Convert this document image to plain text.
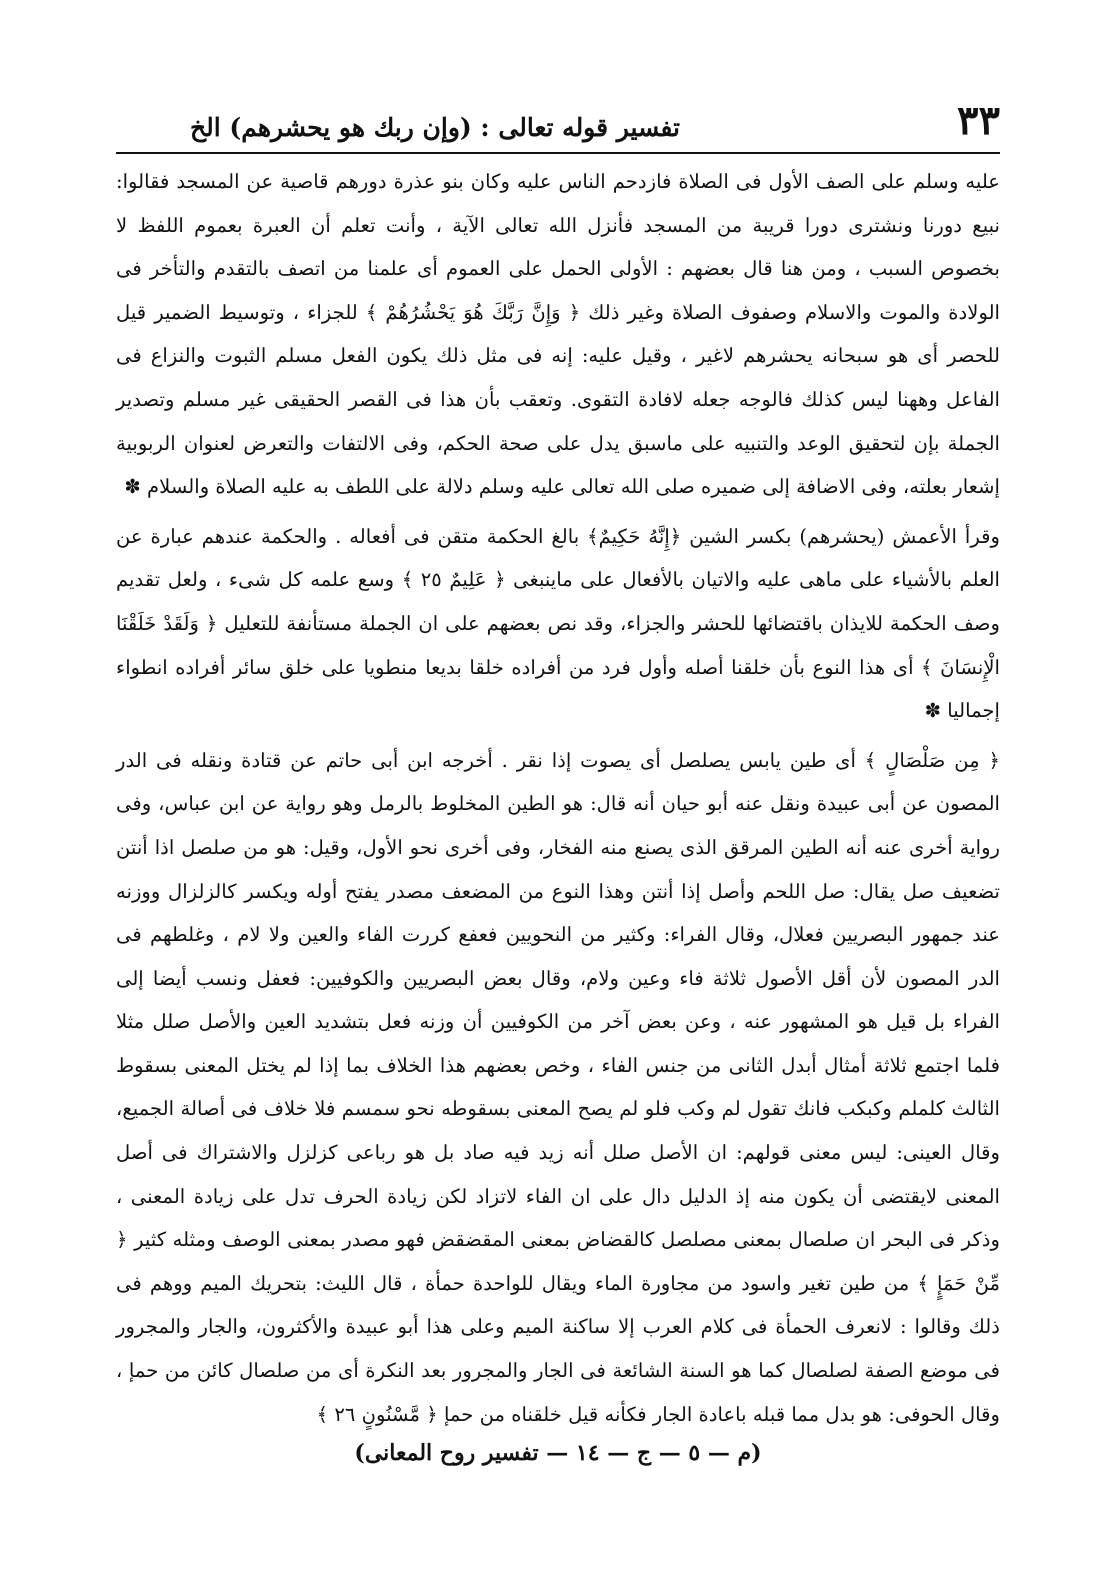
٣٣
تفسير قوله تعالى : (وإن ربك هو يحشرهم) الخ

عليه وسلم على الصف الأول فى الصلاة فازدحم الناس عليه وكان بنو عذرة دورهم قاصية عن المسجد فقالوا: نبيع دورنا ونشترى دورا قريبة من المسجد فأنزل الله تعالى الآية ، وأنت تعلم أن العبرة بعموم اللفظ لا بخصوص السبب ، ومن هنا قال بعضهم : الأولى الحمل على العموم أى علمنا من اتصف بالتقدم والتأخر فى الولادة والموت والاسلام وصفوف الصلاة وغير ذلك ﴿ وَإِنَّ رَبَّكَ هُوَ يَحْشُرُهُمْ ﴾ للجزاء ، وتوسيط الضمير قيل للحصر أى هو سبحانه يحشرهم لاغير ، وقيل عليه: إنه فى مثل ذلك يكون الفعل مسلم الثبوت والنزاع فى الفاعل وههنا ليس كذلك فالوجه جعله لافادة التقوى. وتعقب بأن هذا فى القصر الحقيقى غير مسلم وتصدير الجملة بإن لتحقيق الوعد والتنبيه على ماسبق يدل على صحة الحكم، وفى الالتفات والتعرض لعنوان الربوبية إشعار بعلته، وفى الاضافة إلى ضميره صلى الله تعالى عليه وسلم دلالة على اللطف به عليه الصلاة والسلام ✽

وقرأ الأعمش (يحشرهم) بكسر الشين ﴿إِنَّهُ حَكِيمٌ﴾ بالغ الحكمة متقن فى أفعاله . والحكمة عندهم عبارة عن العلم بالأشياء على ماهى عليه والاتيان بالأفعال على ماينبغى ﴿ عَلِيمٌ ٢٥ ﴾ وسع علمه كل شىء ، ولعل تقديم وصف الحكمة للايذان باقتضائها للحشر والجزاء، وقد نص بعضهم على ان الجملة مستأنفة للتعليل ﴿ وَلَقَدْ خَلَقْنَا الْإِنسَانَ ﴾ أى هذا النوع بأن خلقنا أصله وأول فرد من أفراده خلقا بديعا منطويا على خلق سائر أفراده انطواء إجماليا ✽

﴿ مِن صَلْصَالٍ ﴾ أى طين يابس يصلصل أى يصوت إذا نقر . أخرجه ابن أبى حاتم عن قتادة ونقله فى الدر المصون عن أبى عبيدة ونقل عنه أبو حيان أنه قال: هو الطين المخلوط بالرمل وهو رواية عن ابن عباس، وفى رواية أخرى عنه أنه الطين المرقق الذى يصنع منه الفخار، وفى أخرى نحو الأول، وقيل: هو من صلصل اذا أنتن تضعيف صل يقال: صل اللحم وأصل إذا أنتن وهذا النوع من المضعف مصدر يفتح أوله ويكسر كالزلزال ووزنه عند جمهور البصريين فعلال، وقال الفراء: وكثير من النحويين فعفع كررت الفاء والعين ولا لام ، وغلطهم فى الدر المصون لأن أقل الأصول ثلاثة فاء وعين ولام، وقال بعض البصريين والكوفيين: فعفل ونسب أيضا إلى الفراء بل قيل هو المشهور عنه ، وعن بعض آخر من الكوفيين أن وزنه فعل بتشديد العين والأصل صلل مثلا فلما اجتمع ثلاثة أمثال أبدل الثانى من جنس الفاء ، وخص بعضهم هذا الخلاف بما إذا لم يختل المعنى بسقوط الثالث كلملم وكبكب فانك تقول لم وكب فلو لم يصح المعنى بسقوطه نحو سمسم فلا خلاف فى أصالة الجميع، وقال العينى: ليس معنى قولهم: ان الأصل صلل أنه زيد فيه صاد بل هو رباعى كزلزل والاشتراك فى أصل المعنى لايقتضى أن يكون منه إذ الدليل دال على ان الفاء لاتزاد لكن زيادة الحرف تدل على زيادة المعنى ، وذكر فى البحر ان صلصال بمعنى مصلصل كالقضاض بمعنى المقضقض فهو مصدر بمعنى الوصف ومثله كثير ﴿ مِّنْ حَمَإٍ ﴾ من طين تغير واسود من مجاورة الماء ويقال للواحدة حمأة ، قال الليث: بتحريك الميم ووهم فى ذلك وقالوا : لانعرف الحمأة فى كلام العرب إلا ساكنة الميم وعلى هذا أبو عبيدة والأكثرون، والجار والمجرور فى موضع الصفة لصلصال كما هو السنة الشائعة فى الجار والمجرور بعد النكرة أى من صلصال كائن من حمإ ، وقال الحوفى: هو بدل مما قبله باعادة الجار فكأنه قيل خلقناه من حمإ ﴿ مَّسْنُونٍ ٢٦ ﴾

(م — ٥ — ج — ١٤ — تفسير روح المعانى)
